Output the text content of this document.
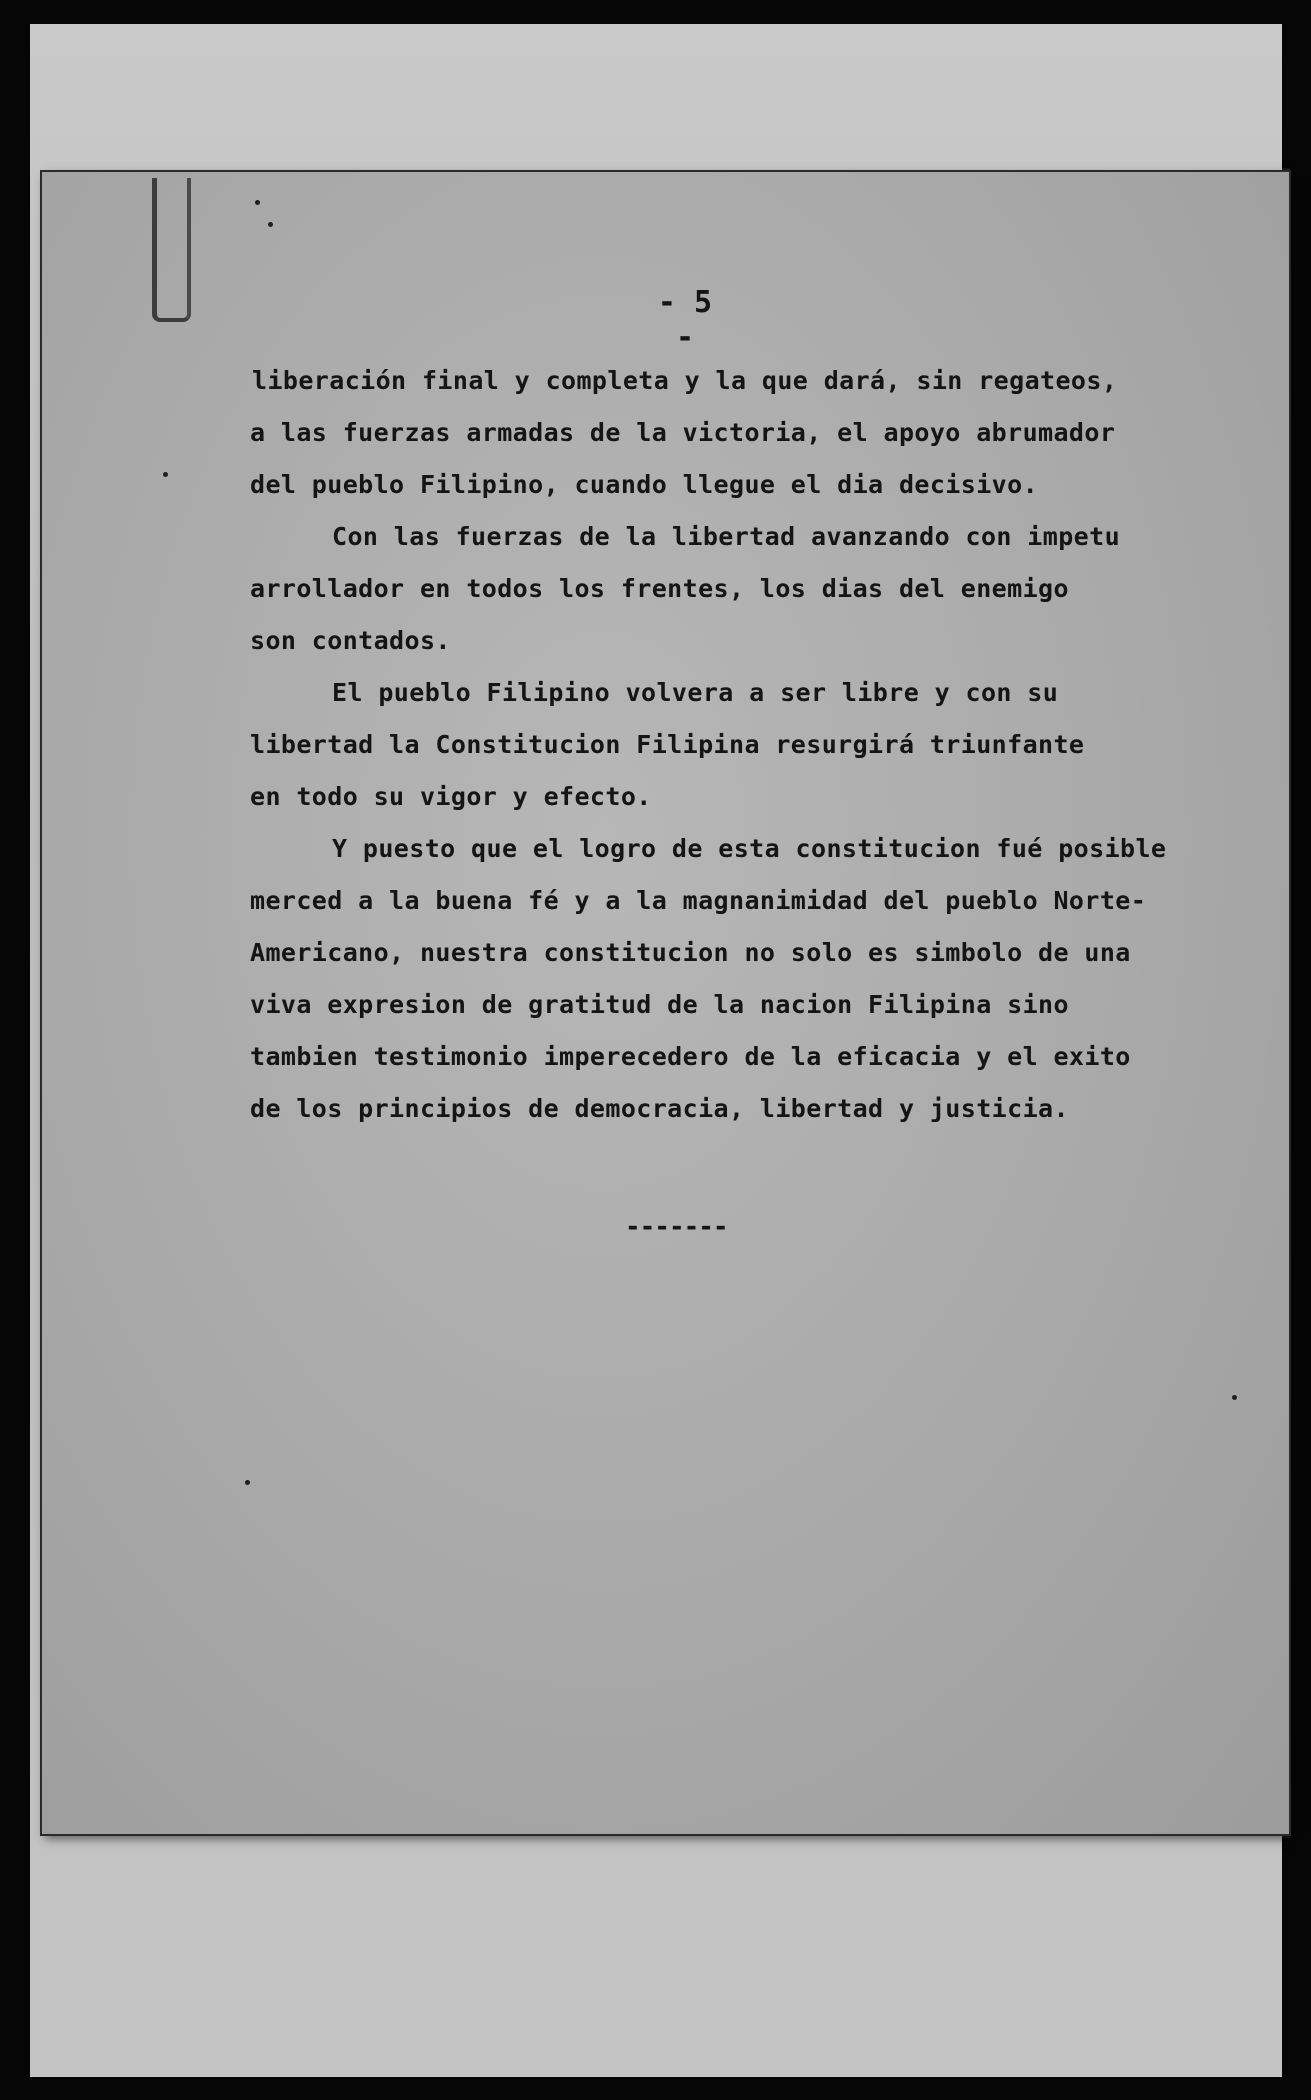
- 5 -
liberación final y completa y la que dará, sin regateos,
a las fuerzas armadas de la victoria, el apoyo abrumador
del pueblo Filipino, cuando llegue el dia decisivo.
Con las fuerzas de la libertad avanzando con impetu
arrollador en todos los frentes, los dias del enemigo
son contados.
El pueblo Filipino volvera a ser libre y con su
libertad la Constitucion Filipina resurgirá triunfante
en todo su vigor y efecto.
Y puesto que el logro de esta constitucion fué posible
merced a la buena fé y a la magnanimidad del pueblo Norte-
Americano, nuestra constitucion no solo es simbolo de una
viva expresion de gratitud de la nacion Filipina sino
tambien testimonio imperecedero de la eficacia y el exito
de los principios de democracia, libertad y justicia.
-------
